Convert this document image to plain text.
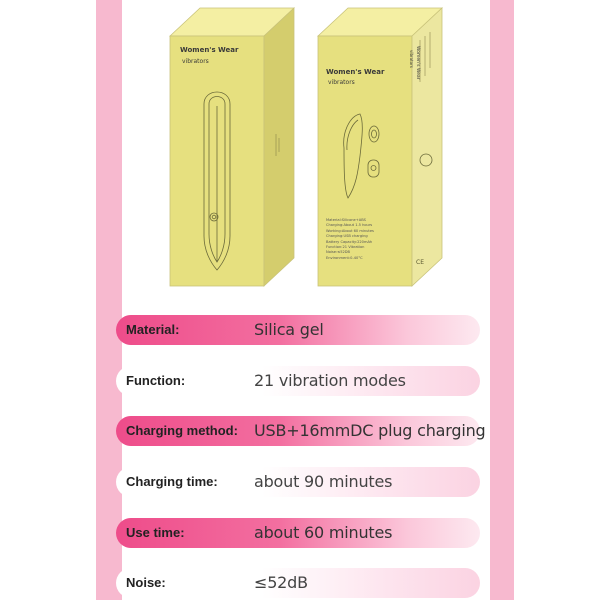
Women's Wear
vibrators
CE
Women's Wear
vibrators
Material:Silicone+ABS
Charging:About 1.5 hours
Working:About 60 minutes
Charging:USB charging
Battery Capacity:220mAh
Function:21 Vibration
Noise:≤52DB
Environment:0-40°C
Women's Wear
vibrators
Material:	Silica gel
Function:	21 vibration modes
Charging method: USB+16mmDC plug charging
Charging time: about 90 minutes
Use time:	about 60 minutes
Noise:	≤52dB
